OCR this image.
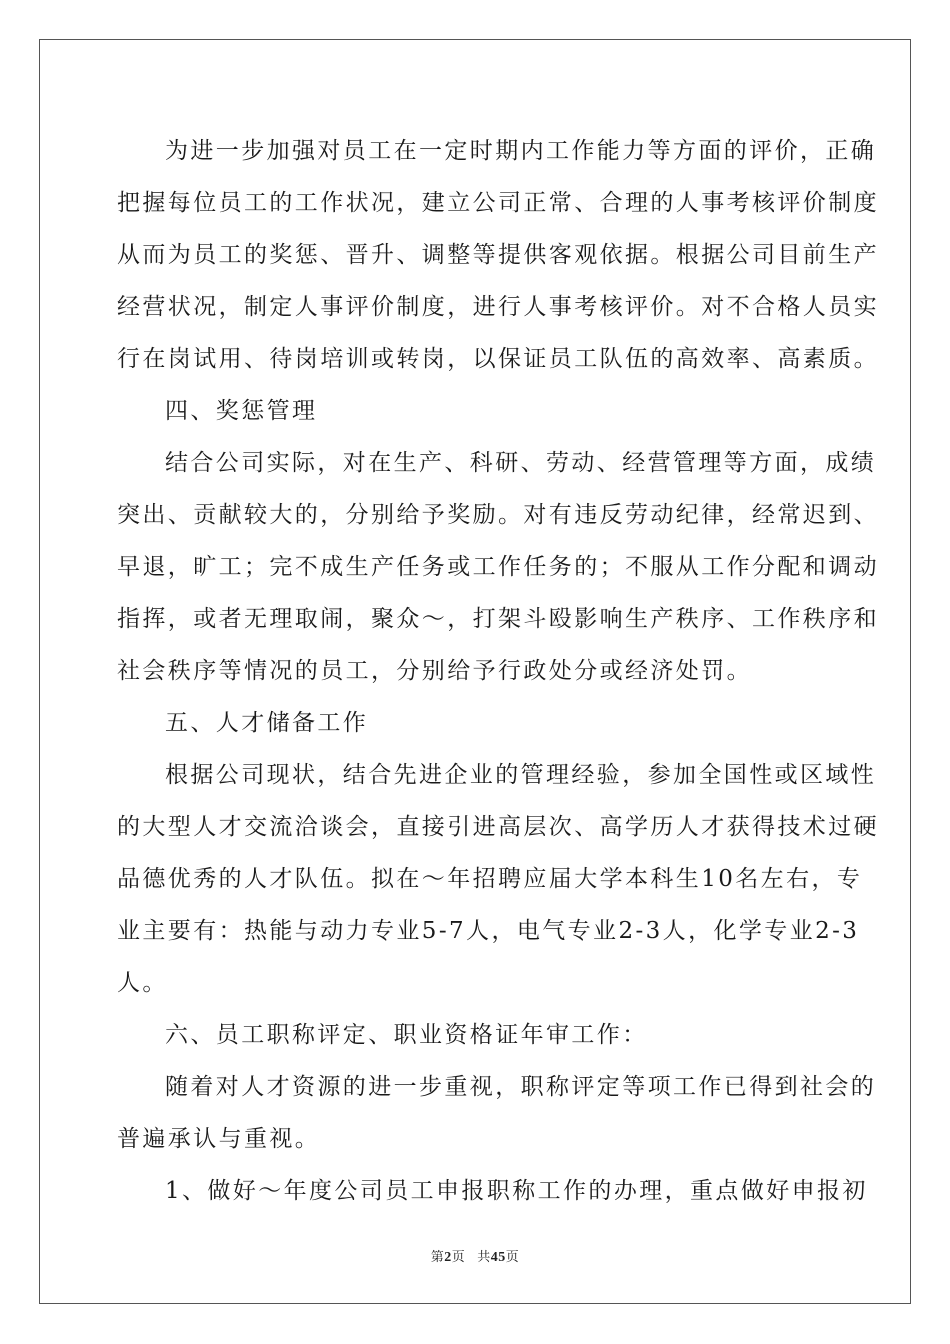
为进一步加强对员工在一定时期内工作能力等方面的评价，正确
把握每位员工的工作状况，建立公司正常、合理的人事考核评价制度
从而为员工的奖惩、晋升、调整等提供客观依据。根据公司目前生产
经营状况，制定人事评价制度，进行人事考核评价。对不合格人员实
行在岗试用、待岗培训或转岗，以保证员工队伍的高效率、高素质。
四、奖惩管理
结合公司实际，对在生产、科研、劳动、经营管理等方面，成绩
突出、贡献较大的，分别给予奖励。对有违反劳动纪律，经常迟到、
早退，旷工；完不成生产任务或工作任务的；不服从工作分配和调动
指挥，或者无理取闹，聚众～，打架斗殴影响生产秩序、工作秩序和
社会秩序等情况的员工，分别给予行政处分或经济处罚。
五、人才储备工作
根据公司现状，结合先进企业的管理经验，参加全国性或区域性
的大型人才交流洽谈会，直接引进高层次、高学历人才获得技术过硬
品德优秀的人才队伍。拟在～年招聘应届大学本科生10名左右，专
业主要有：热能与动力专业5-7人，电气专业2-3人，化学专业2-3
人。
六、员工职称评定、职业资格证年审工作：
随着对人才资源的进一步重视，职称评定等项工作已得到社会的
普遍承认与重视。
1、做好～年度公司员工申报职称工作的办理，重点做好申报初
第2页 共45页
